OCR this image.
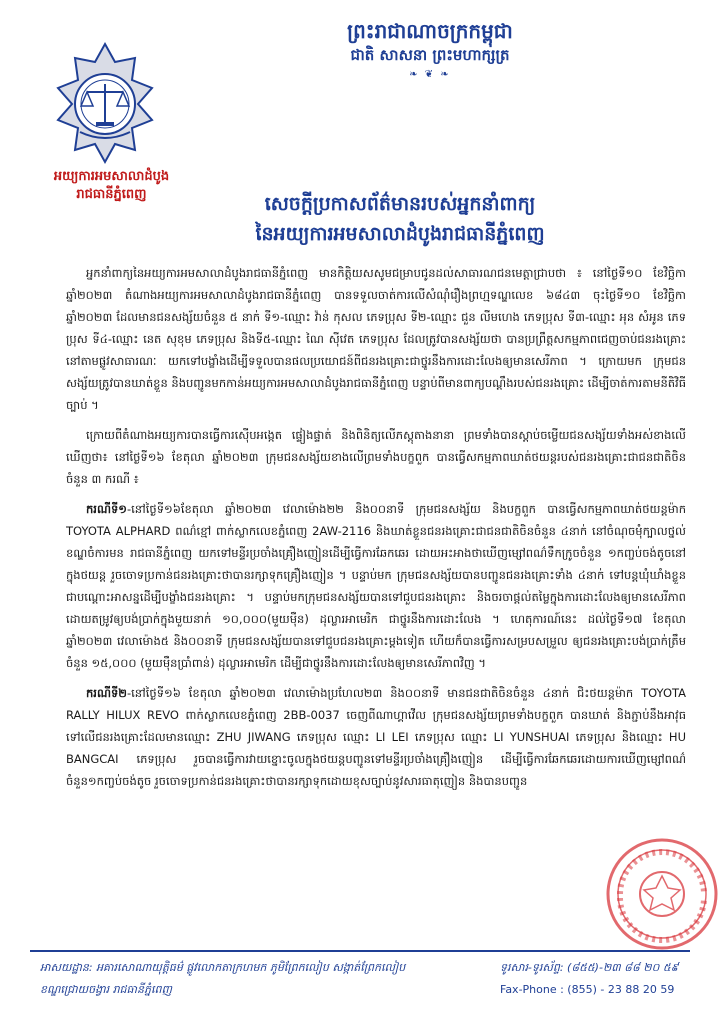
ព្រះរាជាណាចក្រកម្ពុជា
ជាតិ សាសនា ព្រះមហាក្សត្រ
❧ ❦ ❧
អយ្យការអមសាលាដំបូង
រាជធានីភ្នំពេញ	សេចក្តីប្រកាសព័ត៌មានរបស់អ្នកនាំពាក្យ
នៃអយ្យការអមសាលាដំបូងរាជធានីភ្នំពេញ

អ្នកនាំពាក្យនៃអយ្យការអមសាលាដំបូងរាជធានីភ្នំពេញ មានកិត្តិយសសូមជម្រាបជូនដល់សាធារណជនមេត្តាជ្រាបថា ៖ នៅថ្ងៃទី១០ ខែវិច្ឆិកា ឆ្នាំ២០២៣ តំណាងអយ្យការអមសាលាដំបូងរាជធានីភ្នំពេញ បានទទួលចាត់ការលើសំណុំរឿងព្រហ្មទណ្ឌលេខ ៦៨៤៣ ចុះថ្ងៃទី១០ ខែវិច្ឆិកា ឆ្នាំ២០២៣ ដែលមានជនសង្ស័យចំនួន ៥ នាក់ ទី១-ឈ្មោះ វ៉ាន់ កុសល ភេទប្រុស ទី២-ឈ្មោះ ជួន លីមហេង ភេទប្រុស ទី៣-ឈ្មោះ អុន សំអូន ភេទប្រុស ទី៤-ឈ្មោះ នេត សុខុម ភេទប្រុស និងទី៥-ឈ្មោះ ណៃ ស៊ីវេត ភេទប្រុស ដែលត្រូវបានសង្ស័យថា បានប្រព្រឹត្តសកម្មភាពជេញចាប់ជនរងគ្រោះនៅតាមផ្លូវសាធារណៈ យកទៅបង្ខាំងដើម្បីទទួលបានផលប្រយោជន៍ពីជនរងគ្រោះជាថ្នូរនឹងការដោះលែងឲ្យមានសេរីភាព ។ ក្រោយមក ក្រុមជនសង្ស័យត្រូវបានឃាត់ខ្លួន និងបញ្ជូនមកកាន់អយ្យការអមសាលាដំបូងរាជធានីភ្នំពេញ បន្ទាប់ពីមានពាក្យបណ្តឹងរបស់ជនរងគ្រោះ ដើម្បីចាត់ការតាមនីតិវិធីច្បាប់ ។

ក្រោយពីតំណាងអយ្យការបានធ្វើការស៊ើបអង្កេត ផ្ទៀងផ្ទាត់ និងពិនិត្យលើភស្តុតាងនានា ព្រមទាំងបានស្តាប់ចម្លើយជនសង្ស័យទាំងអស់ខាងលើឃើញថា៖ នៅថ្ងៃទី១៦ ខែតុលា ឆ្នាំ២០២៣ ក្រុមជនសង្ស័យខាងលើព្រមទាំងបក្ខពួក បានធ្វើសកម្មភាពឃាត់ថយន្តរបស់ជនរងគ្រោះជាជនជាតិចិនចំនួន ៣ ករណី ៖

ករណីទី១-នៅថ្ងៃទី១៦ខែតុលា ឆ្នាំ២០២៣ វេលាម៉ោង២២ និង០០នាទី ក្រុមជនសង្ស័យ និងបក្ខពួក បានធ្វើសកម្មភាពឃាត់ថយន្តម៉ាក TOYOTA ALPHARD ពណ៌ខ្មៅ ពាក់ស្លាកលេខភ្នំពេញ 2AW-2116 និងឃាត់ខ្លួនជនរងគ្រោះជាជនជាតិចិនចំនួន ៤នាក់ នៅចំណុចមុំក្បាលថ្នល់ ខណ្ឌចំការមន រាជធានីភ្នំពេញ យកទៅមន្ទីរប្រចាំងគ្រឿងញៀនដើម្បីធ្វើការឆែកឆេរ ដោយអះអាងថាឃើញម្សៅពណ៌ទឹកក្រូចចំនួន ១កញ្ចប់ចង់តូចនៅក្នុងថយន្ត រួចចោទប្រកាន់ជនរងគ្រោះថាបានរក្សាទុកគ្រឿងញៀន ។ បន្ទាប់មក ក្រុមជនសង្ស័យបានបញ្ជូនជនរងគ្រោះទាំង ៤នាក់ ទៅបន្តឃុំឃាំងខ្លួនជាបណ្តោះអាសន្នដើម្បីបង្ខាំងជនរងគ្រោះ ។ បន្ទាប់មកក្រុមជនសង្ស័យបានទៅជួបជនរងគ្រោះ និងចរចាផ្តល់តម្លៃក្នុងការដោះលែងឲ្យមានសេរីភាព ដោយតម្រូវឲ្យបង់ប្រាក់ក្នុងមួយនាក់ ១០,០០០(មួយម៉ឺន) ដុល្លារអាមេរិក ជាថ្នូរនឹងការដោះលែង ។ ហេតុការណ៍នេះ ដល់ថ្ងៃទី១៧ ខែតុលា ឆ្នាំ២០២៣ វេលាម៉ោង៥ និង០០នាទី ក្រុមជនសង្ស័យបានទៅជួបជនរងគ្រោះម្តងទៀត ហើយក៏បានធ្វើការសម្របសម្រួល ឲ្យជនរងគ្រោះបង់ប្រាក់ត្រឹមចំនួន ១៥,០០០ (មួយម៉ឺនប្រាំពាន់) ដុល្លារអាមេរិក ដើម្បីជាថ្នូរនឹងការដោះលែងឲ្យមានសេរីភាពវិញ ។

ករណីទី២-នៅថ្ងៃទី១៦ ខែតុលា ឆ្នាំ២០២៣ វេលាម៉ោងប្រហែល២៣ និង០០នាទី មានជនជាតិចិនចំនួន ៤នាក់ ជិះថយន្តម៉ាក TOYOTA RALLY HILUX REVO ពាក់ស្លាកលេខភ្នំពេញ 2BB-0037 ចេញពីណាហ្គាវើល ក្រុមជនសង្ស័យព្រមទាំងបក្ខពួក បានឃាត់ និងភ្ជាប់នឹងអាវុធទៅលើជនរងគ្រោះដែលមានឈ្មោះ ZHU JIWANG ភេទប្រុស ឈ្មោះ LI LEI ភេទប្រុស ឈ្មោះ LI YUNSHUAI ភេទប្រុស និងឈ្មោះ HU BANGCAI ភេទប្រុស រួចបានធ្វើការវាយខ្នោះចូលក្នុងថយន្តបញ្ជូនទៅមន្ទីរប្រចាំងគ្រឿងញៀន ដើម្បីធ្វើការឆែកឆេរដោយការឃើញម្សៅពណ៌ចំនួន១កញ្ចប់ចង់តូច រួចចោទប្រកាន់ជនរងគ្រោះថាបានរក្សាទុកដោយខុសច្បាប់នូវសារធាតុញៀន និងបានបញ្ជូន

អាសយដ្ឋាន: អគារសោណាយុត្តិធម៌ ផ្លូវលោកតាក្រហមក ភូមិព្រែកលៀប សង្កាត់ព្រែកលៀប
ខណ្ឌជ្រោយចង្វារ រាជធានីភ្នំពេញ
ទូរសារ-ទូរស័ព្ទ: (៨៥៥)-២៣ ៨៨ ២០ ៥៩
Fax-Phone : (855) - 23 88 20 59
